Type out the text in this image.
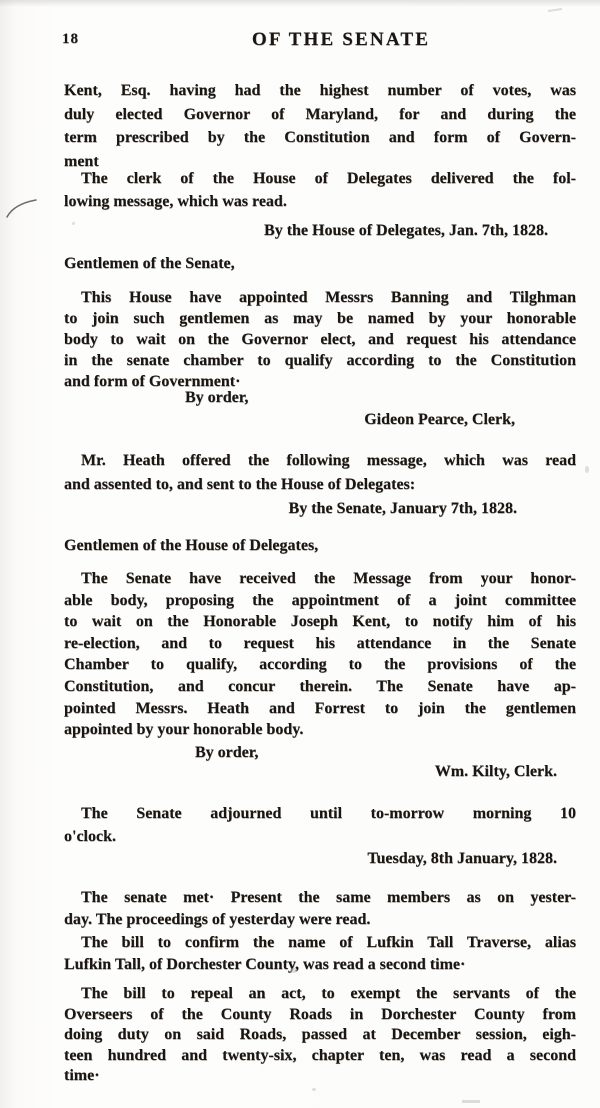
18	OF THE SENATE
Kent, Esq. having had the highest number of votes, was
duly elected Governor of Maryland, for and during the
term prescribed by the Constitution and form of Govern-
ment
The clerk of the House of Delegates delivered the fol-
lowing message, which was read.
By the House of Delegates, Jan. 7th, 1828.
Gentlemen of the Senate,
This House have appointed Messrs Banning and Tilghman
to join such gentlemen as may be named by your honorable
body to wait on the Governor elect, and request his attendance
in the senate chamber to qualify according to the Constitution
and form of Government·
By order,
Gideon Pearce, Clerk,
Mr. Heath offered the following message, which was read
and assented to, and sent to the House of Delegates:
By the Senate, January 7th, 1828.
Gentlemen of the House of Delegates,
The Senate have received the Message from your honor-
able body, proposing the appointment of a joint committee
to wait on the Honorable Joseph Kent, to notify him of his
re-election, and to request his attendance in the Senate
Chamber to qualify, according to the provisions of the
Constitution, and concur therein. The Senate have ap-
pointed Messrs. Heath and Forrest to join the gentlemen
appointed by your honorable body.
By order,
Wm. Kilty, Clerk.
The Senate adjourned until to-morrow morning 10
o'clock.
Tuesday, 8th January, 1828.
The senate met· Present the same members as on yester-
day. The proceedings of yesterday were read.
The bill to confirm the name of Lufkin Tall Traverse, alias
Lufkin Tall, of Dorchester County, was read a second time·
The bill to repeal an act, to exempt the servants of the
Overseers of the County Roads in Dorchester County from
doing duty on said Roads, passed at December session, eigh-
teen hundred and twenty-six, chapter ten, was read a second
time·
